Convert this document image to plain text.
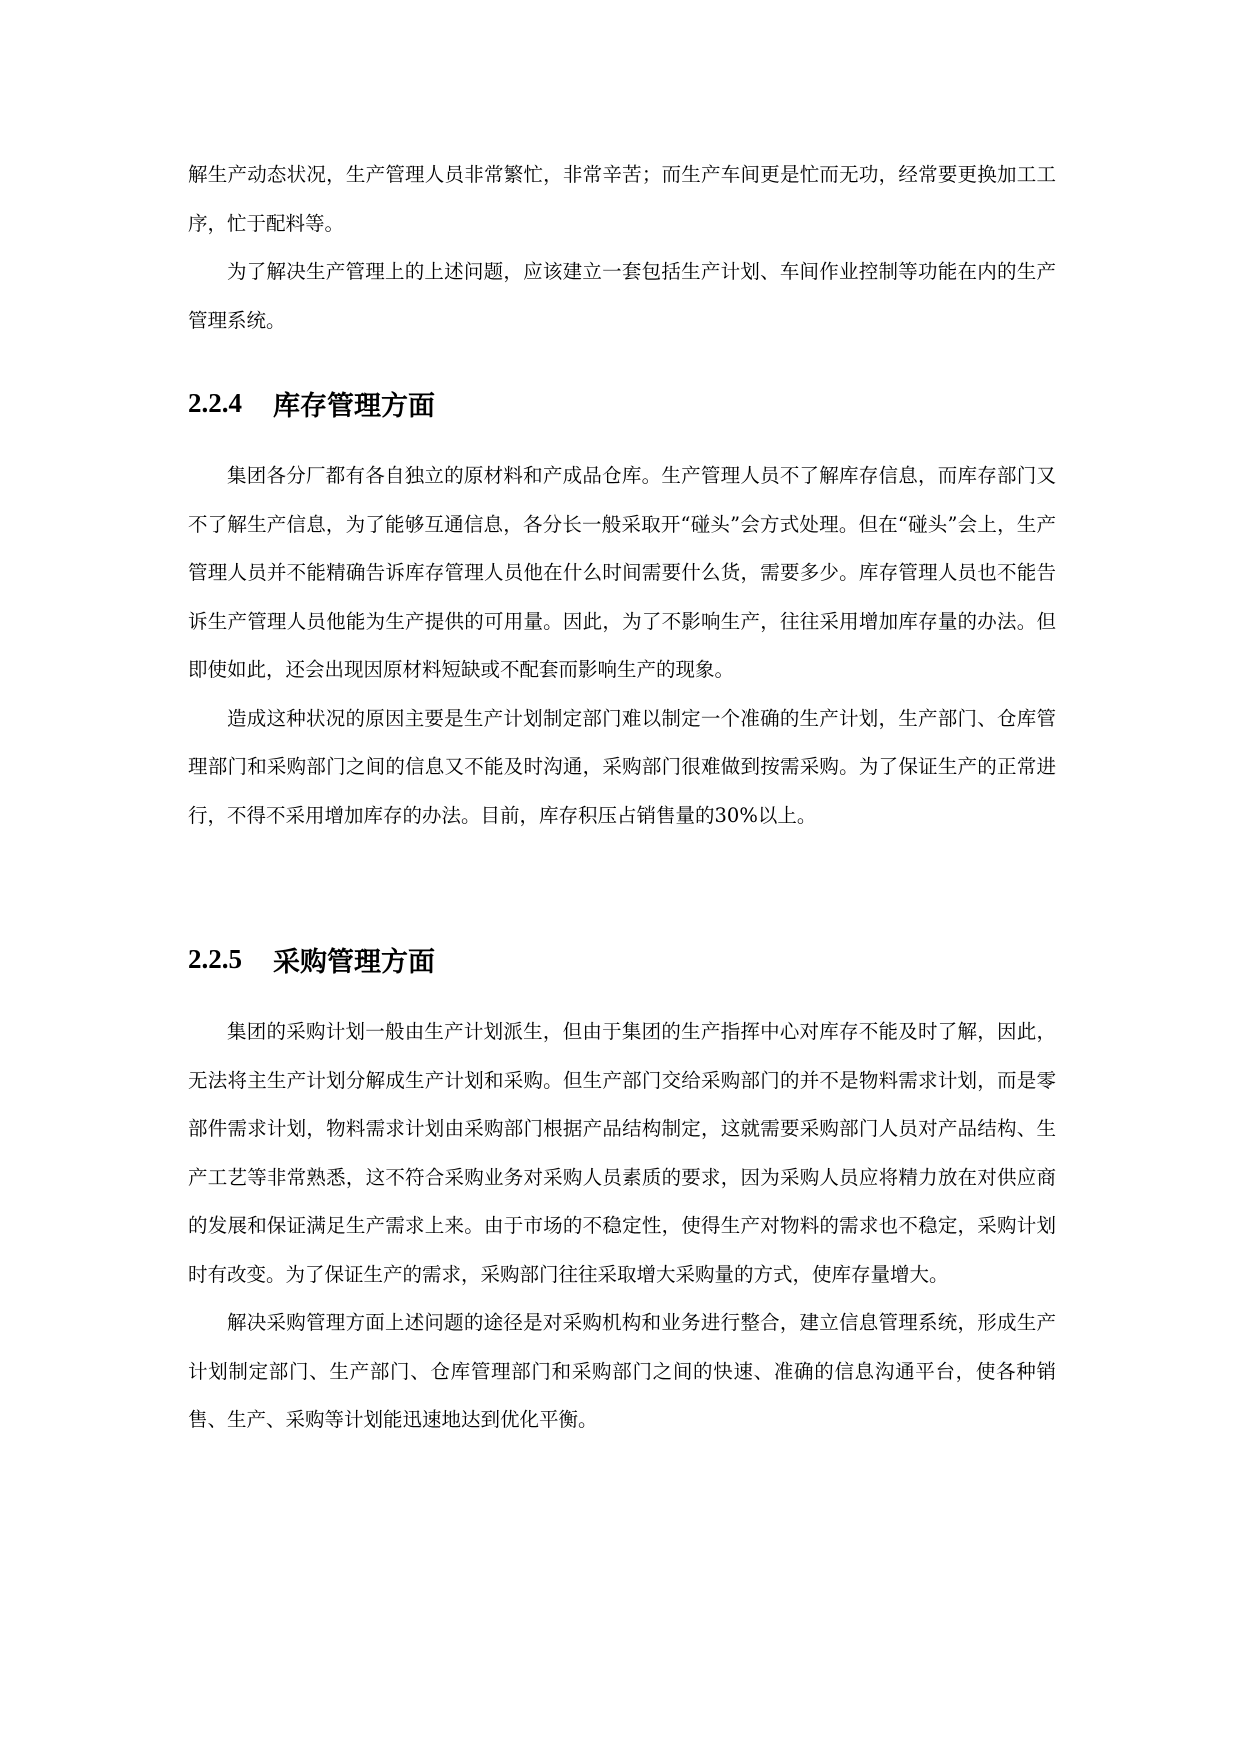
解生产动态状况，生产管理人员非常繁忙，非常辛苦；而生产车间更是忙而无功，经常要更换加工工序，忙于配料等。

为了解决生产管理上的上述问题，应该建立一套包括生产计划、车间作业控制等功能在内的生产管理系统。

2.2.4	库存管理方面

集团各分厂都有各自独立的原材料和产成品仓库。生产管理人员不了解库存信息，而库存部门又不了解生产信息，为了能够互通信息，各分长一般采取开“碰头”会方式处理。但在“碰头”会上，生产管理人员并不能精确告诉库存管理人员他在什么时间需要什么货，需要多少。库存管理人员也不能告诉生产管理人员他能为生产提供的可用量。因此，为了不影响生产，往往采用增加库存量的办法。但即使如此，还会出现因原材料短缺或不配套而影响生产的现象。

造成这种状况的原因主要是生产计划制定部门难以制定一个准确的生产计划，生产部门、仓库管理部门和采购部门之间的信息又不能及时沟通，采购部门很难做到按需采购。为了保证生产的正常进行，不得不采用增加库存的办法。目前，库存积压占销售量的30%以上。

2.2.5	采购管理方面

集团的采购计划一般由生产计划派生，但由于集团的生产指挥中心对库存不能及时了解，因此，无法将主生产计划分解成生产计划和采购。但生产部门交给采购部门的并不是物料需求计划，而是零部件需求计划，物料需求计划由采购部门根据产品结构制定，这就需要采购部门人员对产品结构、生产工艺等非常熟悉，这不符合采购业务对采购人员素质的要求，因为采购人员应将精力放在对供应商的发展和保证满足生产需求上来。由于市场的不稳定性，使得生产对物料的需求也不稳定，采购计划时有改变。为了保证生产的需求，采购部门往往采取增大采购量的方式，使库存量增大。

解决采购管理方面上述问题的途径是对采购机构和业务进行整合，建立信息管理系统，形成生产计划制定部门、生产部门、仓库管理部门和采购部门之间的快速、准确的信息沟通平台，使各种销售、生产、采购等计划能迅速地达到优化平衡。
